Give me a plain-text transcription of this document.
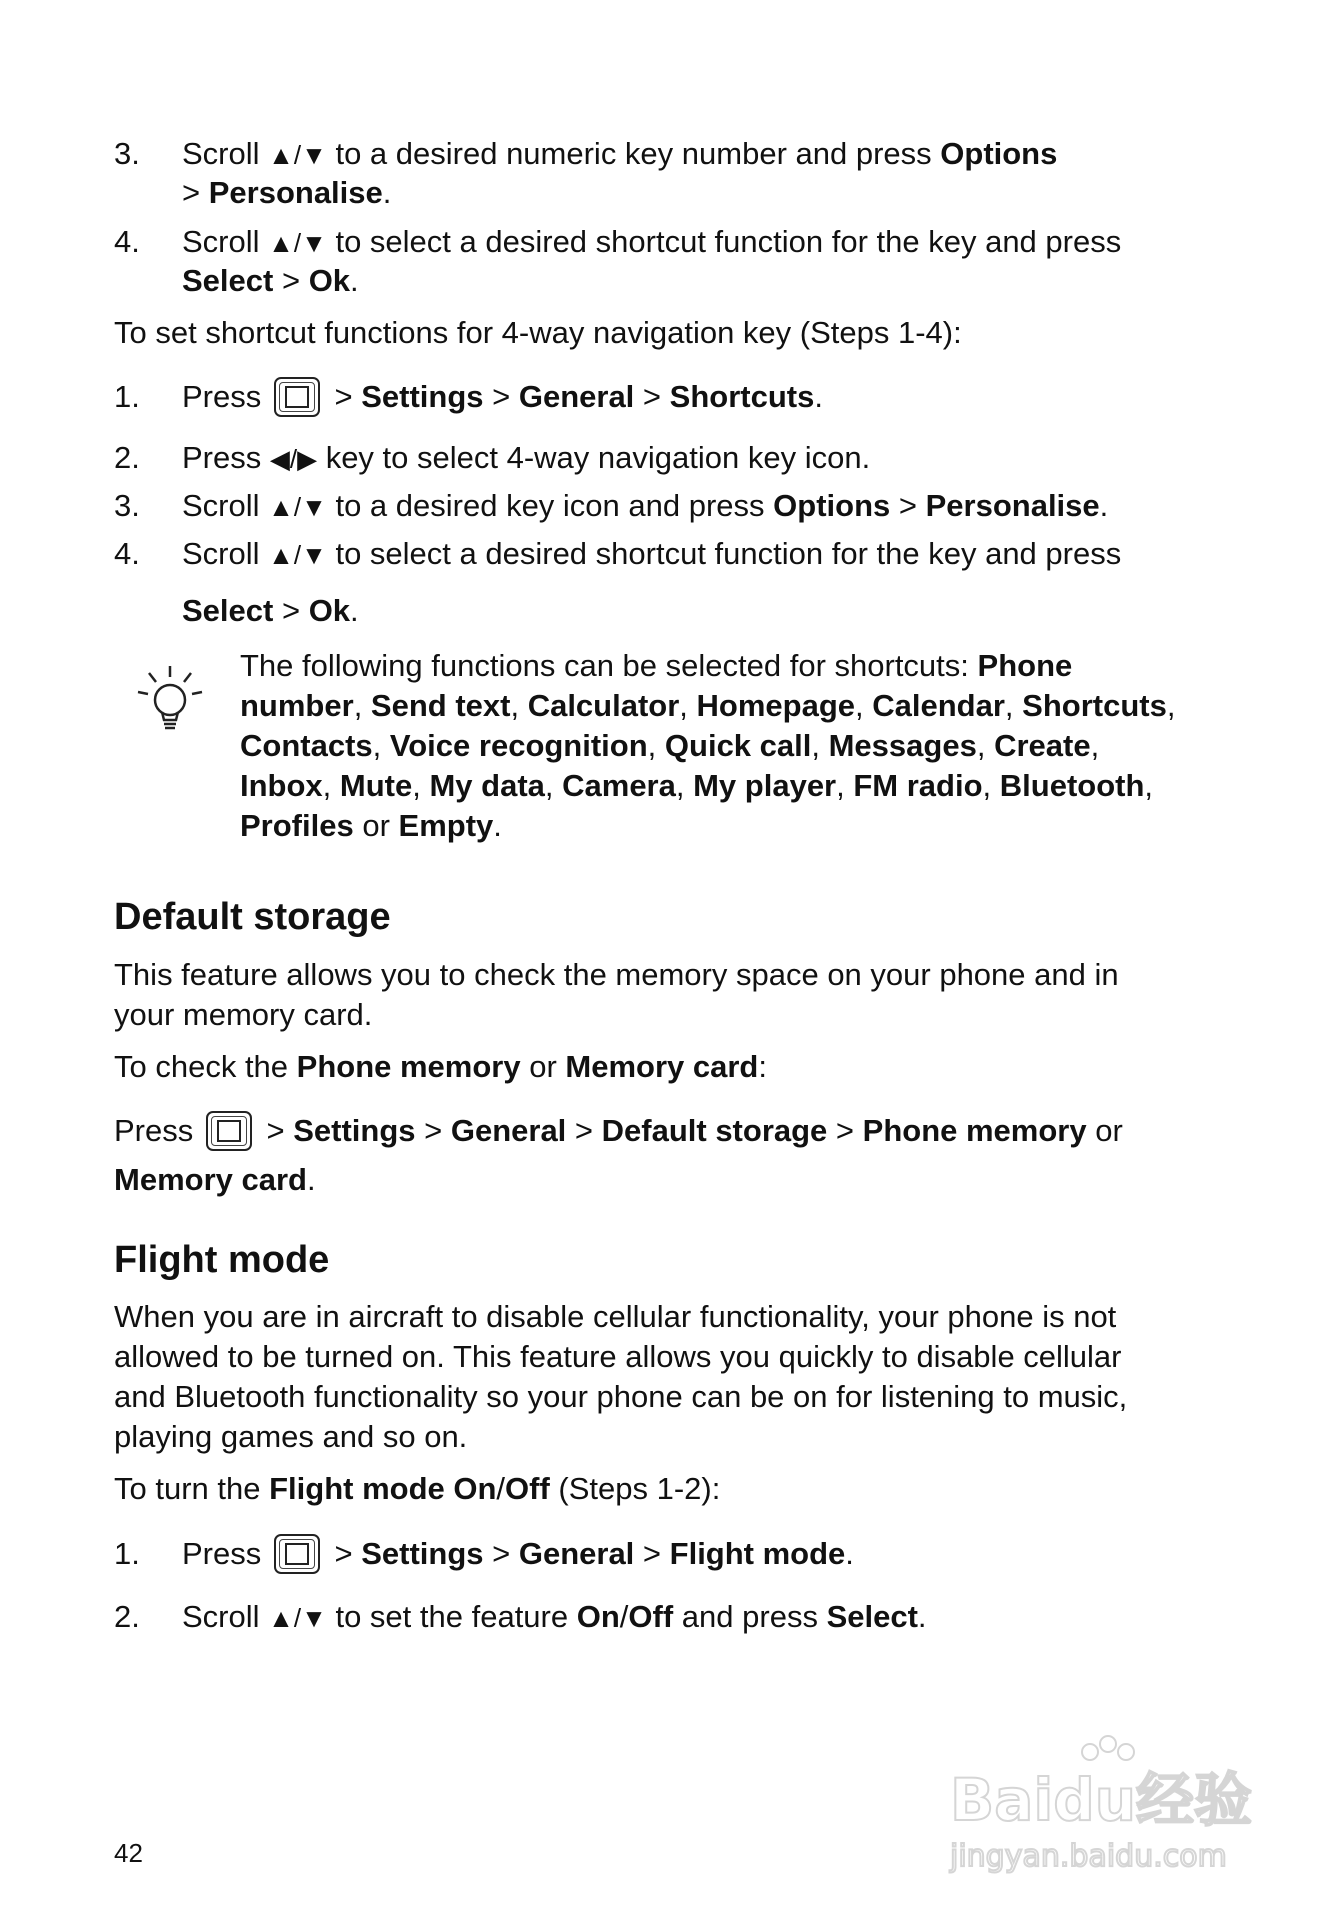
3.	Scroll ▲/▼ to a desired numeric key number and press Options
> Personalise.
4.	Scroll ▲/▼ to select a desired shortcut function for the key and press
Select > Ok.
To set shortcut functions for 4-way navigation key (Steps 1-4):
1.	Press  > Settings > General > Shortcuts.
2.	Press ◀/▶ key to select 4-way navigation key icon.
3.	Scroll ▲/▼ to a desired key icon and press Options > Personalise.
4.	Scroll ▲/▼ to select a desired shortcut function for the key and press
Select > Ok.
The following functions can be selected for shortcuts: Phone number, Send text, Calculator, Homepage, Calendar, Shortcuts, Contacts, Voice recognition, Quick call, Messages, Create, Inbox, Mute, My data, Camera, My player, FM radio, Bluetooth, Profiles or Empty.
Default storage
This feature allows you to check the memory space on your phone and in
your memory card.
To check the Phone memory or Memory card:
Press  > Settings > General > Default storage > Phone memory or
Memory card.
Flight mode
When you are in aircraft to disable cellular functionality, your phone is not
allowed to be turned on. This feature allows you quickly to disable cellular
and Bluetooth functionality so your phone can be on for listening to music,
playing games and so on.
To turn the Flight mode On/Off (Steps 1-2):
1.	Press  > Settings > General > Flight mode.
2.	Scroll ▲/▼ to set the feature On/Off and press Select.
42
Baidu经验
jingyan.baidu.com
